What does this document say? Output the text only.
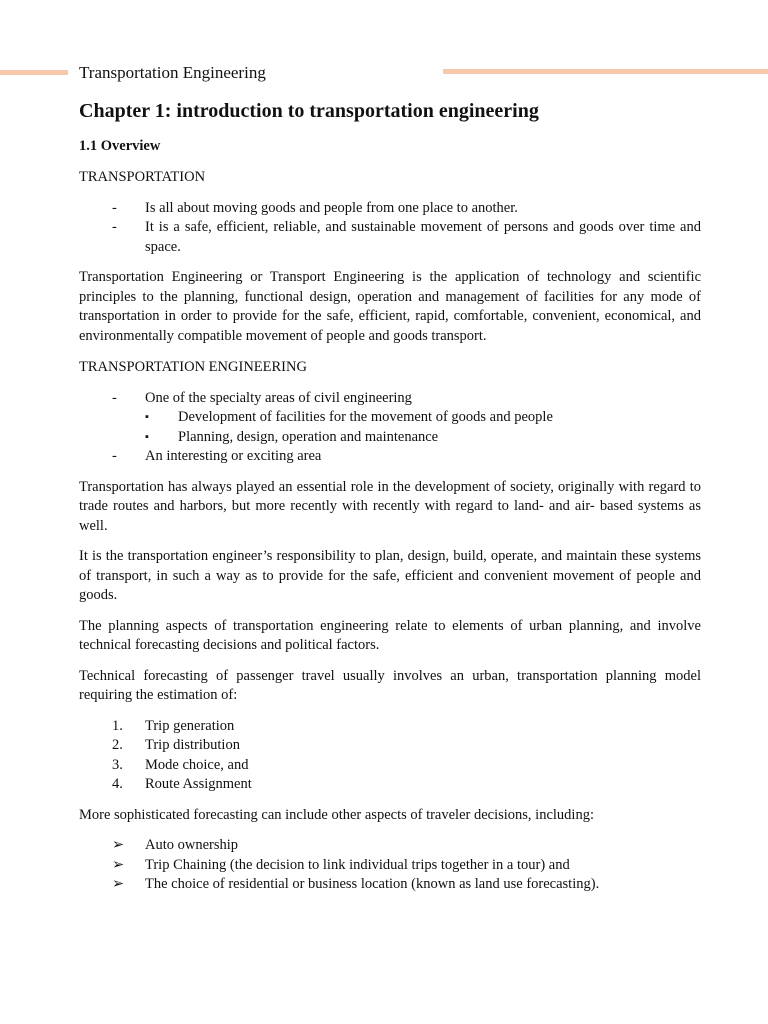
Transportation Engineering
Chapter 1: introduction to transportation engineering
1.1 Overview

TRANSPORTATION

- Is all about moving goods and people from one place to another.
- It is a safe, efficient, reliable, and sustainable movement of persons and goods over time and space.

Transportation Engineering or Transport Engineering is the application of technology and scientific principles to the planning, functional design, operation and management of facilities for any mode of transportation in order to provide for the safe, efficient, rapid, comfortable, convenient, economical, and environmentally compatible movement of people and goods transport.

TRANSPORTATION ENGINEERING

- One of the specialty areas of civil engineering
▪ Development of facilities for the movement of goods and people
▪ Planning, design, operation and maintenance
- An interesting or exciting area

Transportation has always played an essential role in the development of society, originally with regard to trade routes and harbors, but more recently with recently with regard to land- and air- based systems as well.

It is the transportation engineer’s responsibility to plan, design, build, operate, and maintain these systems of transport, in such a way as to provide for the safe, efficient and convenient movement of people and goods.

The planning aspects of transportation engineering relate to elements of urban planning, and involve technical forecasting decisions and political factors.

Technical forecasting of passenger travel usually involves an urban, transportation planning model requiring the estimation of:

1. Trip generation
2. Trip distribution
3. Mode choice, and
4. Route Assignment

More sophisticated forecasting can include other aspects of traveler decisions, including:

➢ Auto ownership
➢ Trip Chaining (the decision to link individual trips together in a tour) and
➢ The choice of residential or business location (known as land use forecasting).
